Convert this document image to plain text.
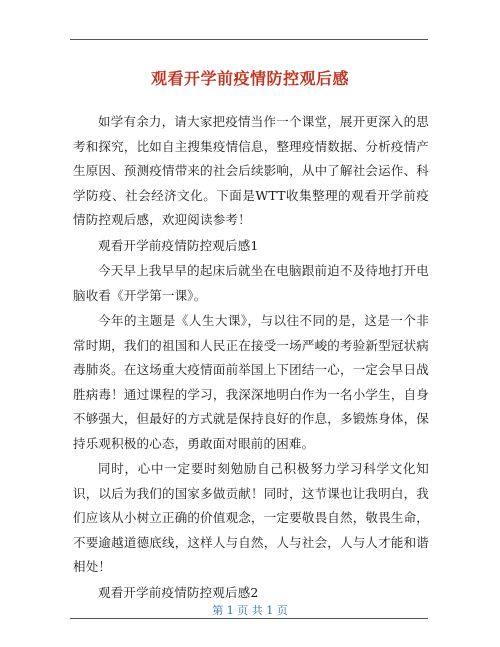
观看开学前疫情防控观后感

如学有余力，请大家把疫情当作一个课堂，展开更深入的思考和探究，比如自主搜集疫情信息，整理疫情数据、分析疫情产生原因、预测疫情带来的社会后续影响，从中了解社会运作、科学防疫、社会经济文化。下面是WTT收集整理的观看开学前疫情防控观后感，欢迎阅读参考！

观看开学前疫情防控观后感1

今天早上我早早的起床后就坐在电脑跟前迫不及待地打开电脑收看《开学第一课》。

今年的主题是《人生大课》，与以往不同的是，这是一个非常时期，我们的祖国和人民正在接受一场严峻的考验新型冠状病毒肺炎。在这场重大疫情面前举国上下团结一心，一定会早日战胜病毒！通过课程的学习，我深深地明白作为一名小学生，自身不够强大，但最好的方式就是保持良好的作息，多锻炼身体，保持乐观积极的心态，勇敢面对眼前的困难。

同时，心中一定要时刻勉励自己积极努力学习科学文化知识，以后为我们的国家多做贡献！同时，这节课也让我明白，我们应该从小树立正确的价值观念，一定要敬畏自然，敬畏生命，不要逾越道德底线，这样人与自然，人与社会，人与人才能和谐相处！

观看开学前疫情防控观后感2

第 1 页 共 1 页
